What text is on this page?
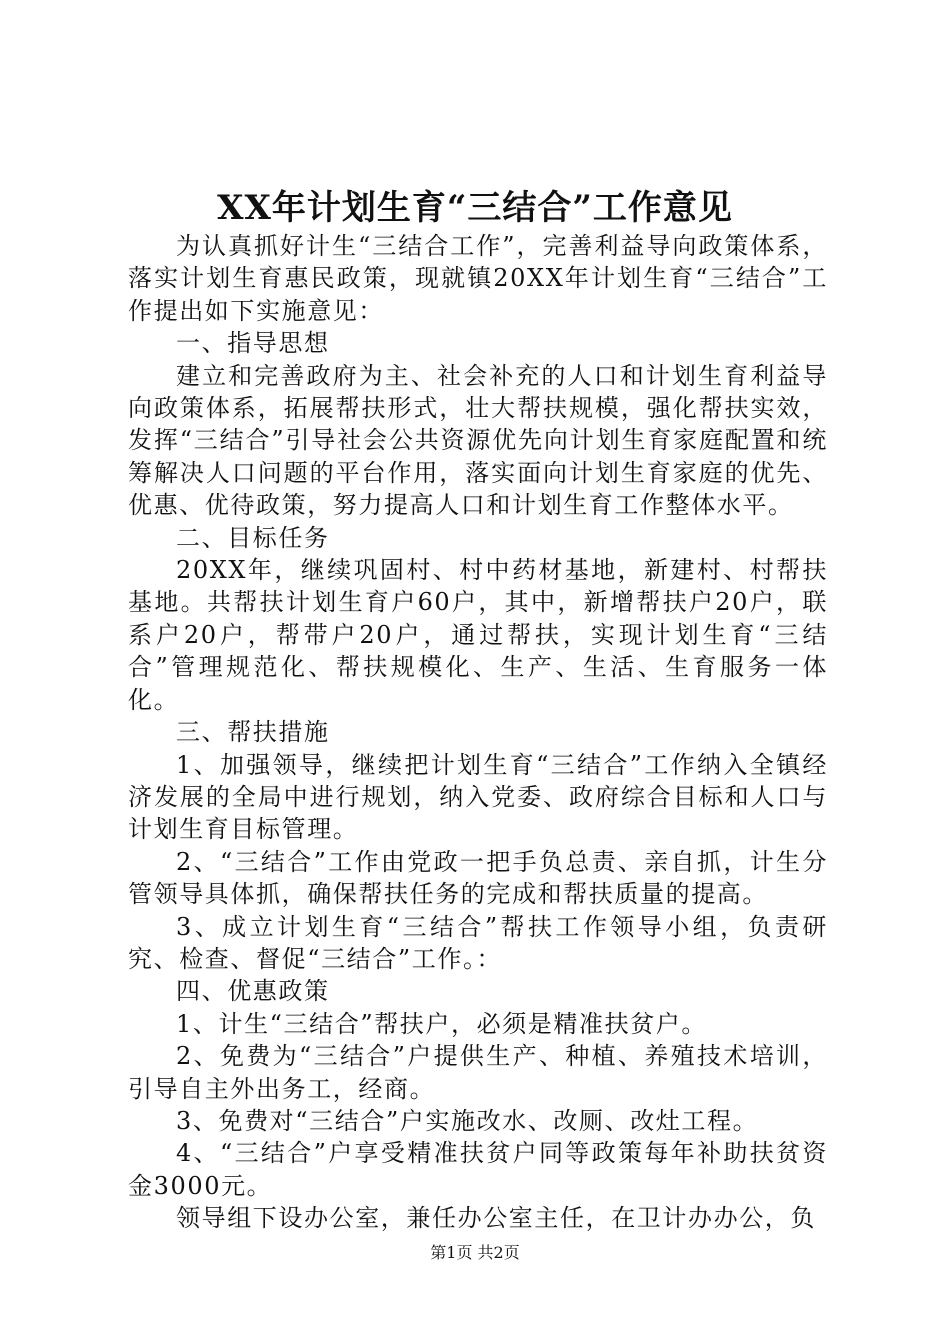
XX年计划生育“三结合”工作意见

为认真抓好计生“三结合工作”，完善利益导向政策体系，落实计划生育惠民政策，现就镇20XX年计划生育“三结合”工作提出如下实施意见：

一、指导思想

建立和完善政府为主、社会补充的人口和计划生育利益导向政策体系，拓展帮扶形式，壮大帮扶规模，强化帮扶实效，发挥“三结合”引导社会公共资源优先向计划生育家庭配置和统筹解决人口问题的平台作用，落实面向计划生育家庭的优先、优惠、优待政策，努力提高人口和计划生育工作整体水平。

二、目标任务

20XX年，继续巩固村、村中药材基地，新建村、村帮扶基地。共帮扶计划生育户60户，其中，新增帮扶户20户，联系户20户，帮带户20户，通过帮扶，实现计划生育“三结合”管理规范化、帮扶规模化、生产、生活、生育服务一体化。

三、帮扶措施

1、加强领导，继续把计划生育“三结合”工作纳入全镇经济发展的全局中进行规划，纳入党委、政府综合目标和人口与计划生育目标管理。

2、“三结合”工作由党政一把手负总责、亲自抓，计生分管领导具体抓，确保帮扶任务的完成和帮扶质量的提高。

3、成立计划生育“三结合”帮扶工作领导小组，负责研究、检查、督促“三结合”工作。：

四、优惠政策

1、计生“三结合”帮扶户，必须是精准扶贫户。

2、免费为“三结合”户提供生产、种植、养殖技术培训，引导自主外出务工，经商。

3、免费对“三结合”户实施改水、改厕、改灶工程。

4、“三结合”户享受精准扶贫户同等政策每年补助扶贫资金3000元。

领导组下设办公室，兼任办公室主任，在卫计办办公，负

第1页 共2页
